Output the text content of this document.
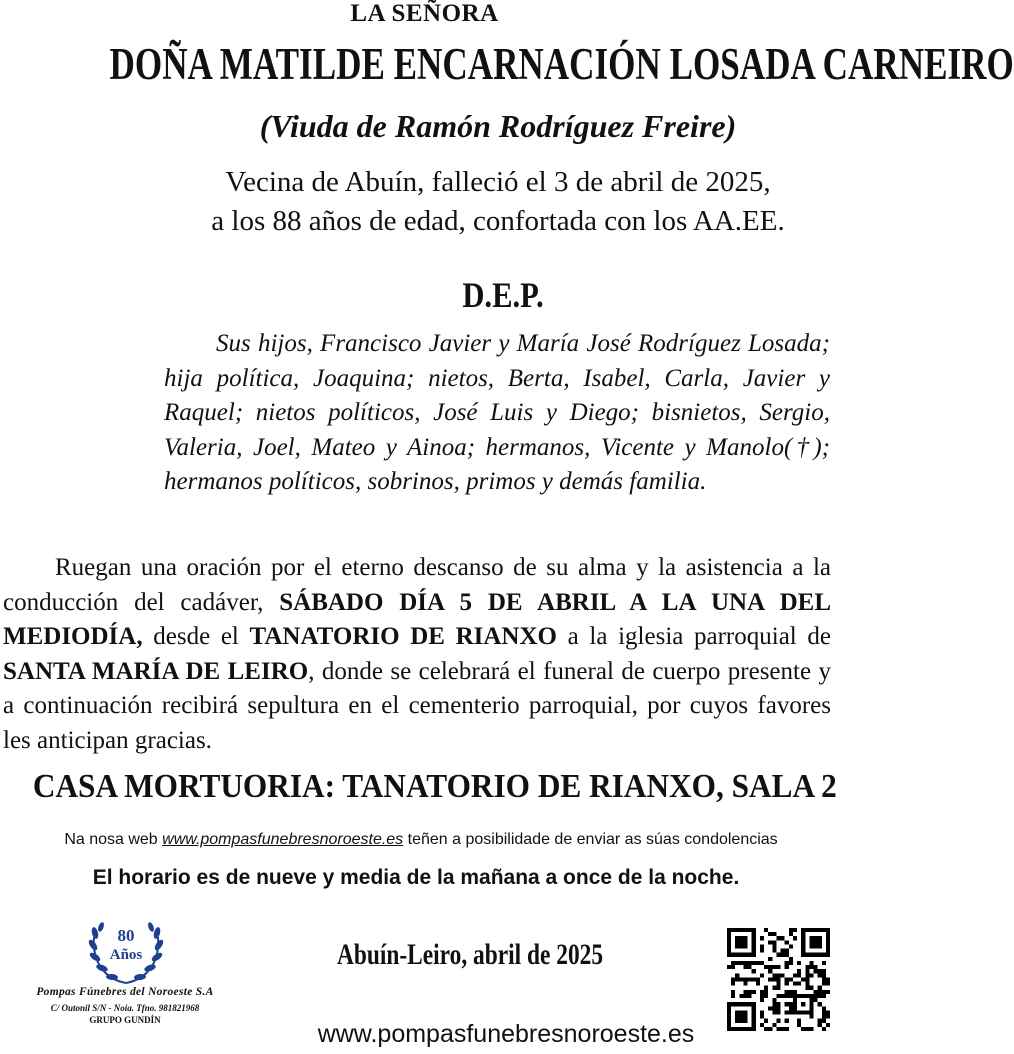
LA SEÑORA
DOÑA MATILDE ENCARNACIÓN LOSADA CARNEIRO
(Viuda de Ramón Rodríguez Freire)
Vecina de Abuín, falleció el 3 de abril de 2025,
a los 88 años de edad, confortada con los AA.EE.
D.E.P.
Sus hijos, Francisco Javier y María José Rodríguez Losada; hija política, Joaquina; nietos, Berta, Isabel, Carla, Javier y Raquel; nietos políticos, José Luis y Diego; bisnietos, Sergio, Valeria, Joel, Mateo y Ainoa; hermanos, Vicente y Manolo(†); hermanos políticos, sobrinos, primos y demás familia.
Ruegan una oración por el eterno descanso de su alma y la asistencia a la conducción del cadáver, SÁBADO DÍA 5 DE ABRIL A LA UNA DEL MEDIODÍA, desde el TANATORIO DE RIANXO a la iglesia parroquial de SANTA MARÍA DE LEIRO, donde se celebrará el funeral de cuerpo presente y a continuación recibirá sepultura en el cementerio parroquial, por cuyos favores les anticipan gracias.
CASA MORTUORIA: TANATORIO DE RIANXO, SALA 2
Na nosa web www.pompasfunebresnoroeste.es teñen a posibilidade de enviar as súas condolencias
El horario es de nueve y media de la mañana a once de la noche.
80
Años
Pompas Fúnebres del Noroeste S.A
C/ Outonil S/N - Noia. Tfno. 981821968
GRUPO GUNDÍN
Abuín-Leiro, abril de 2025
www.pompasfunebresnoroeste.es
